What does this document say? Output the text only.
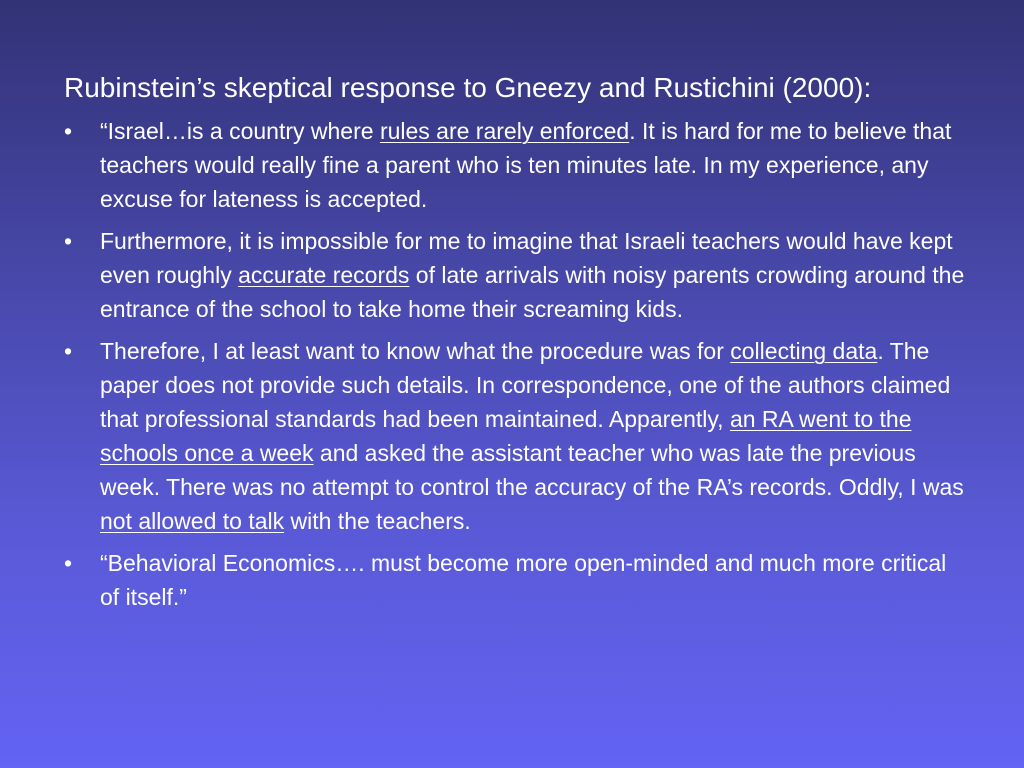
Rubinstein’s skeptical response to Gneezy and Rustichini (2000):
• “Israel…is a country where rules are rarely enforced. It is hard for me to believe that teachers would really fine a parent who is ten minutes late. In my experience, any excuse for lateness is accepted.
• Furthermore, it is impossible for me to imagine that Israeli teachers would have kept even roughly accurate records of late arrivals with noisy parents crowding around the entrance of the school to take home their screaming kids.
• Therefore, I at least want to know what the procedure was for collecting data. The paper does not provide such details. In correspondence, one of the authors claimed that professional standards had been maintained. Apparently, an RA went to the schools once a week and asked the assistant teacher who was late the previous week. There was no attempt to control the accuracy of the RA’s records. Oddly, I was not allowed to talk with the teachers.
• “Behavioral Economics…. must become more open-minded and much more critical of itself.”
